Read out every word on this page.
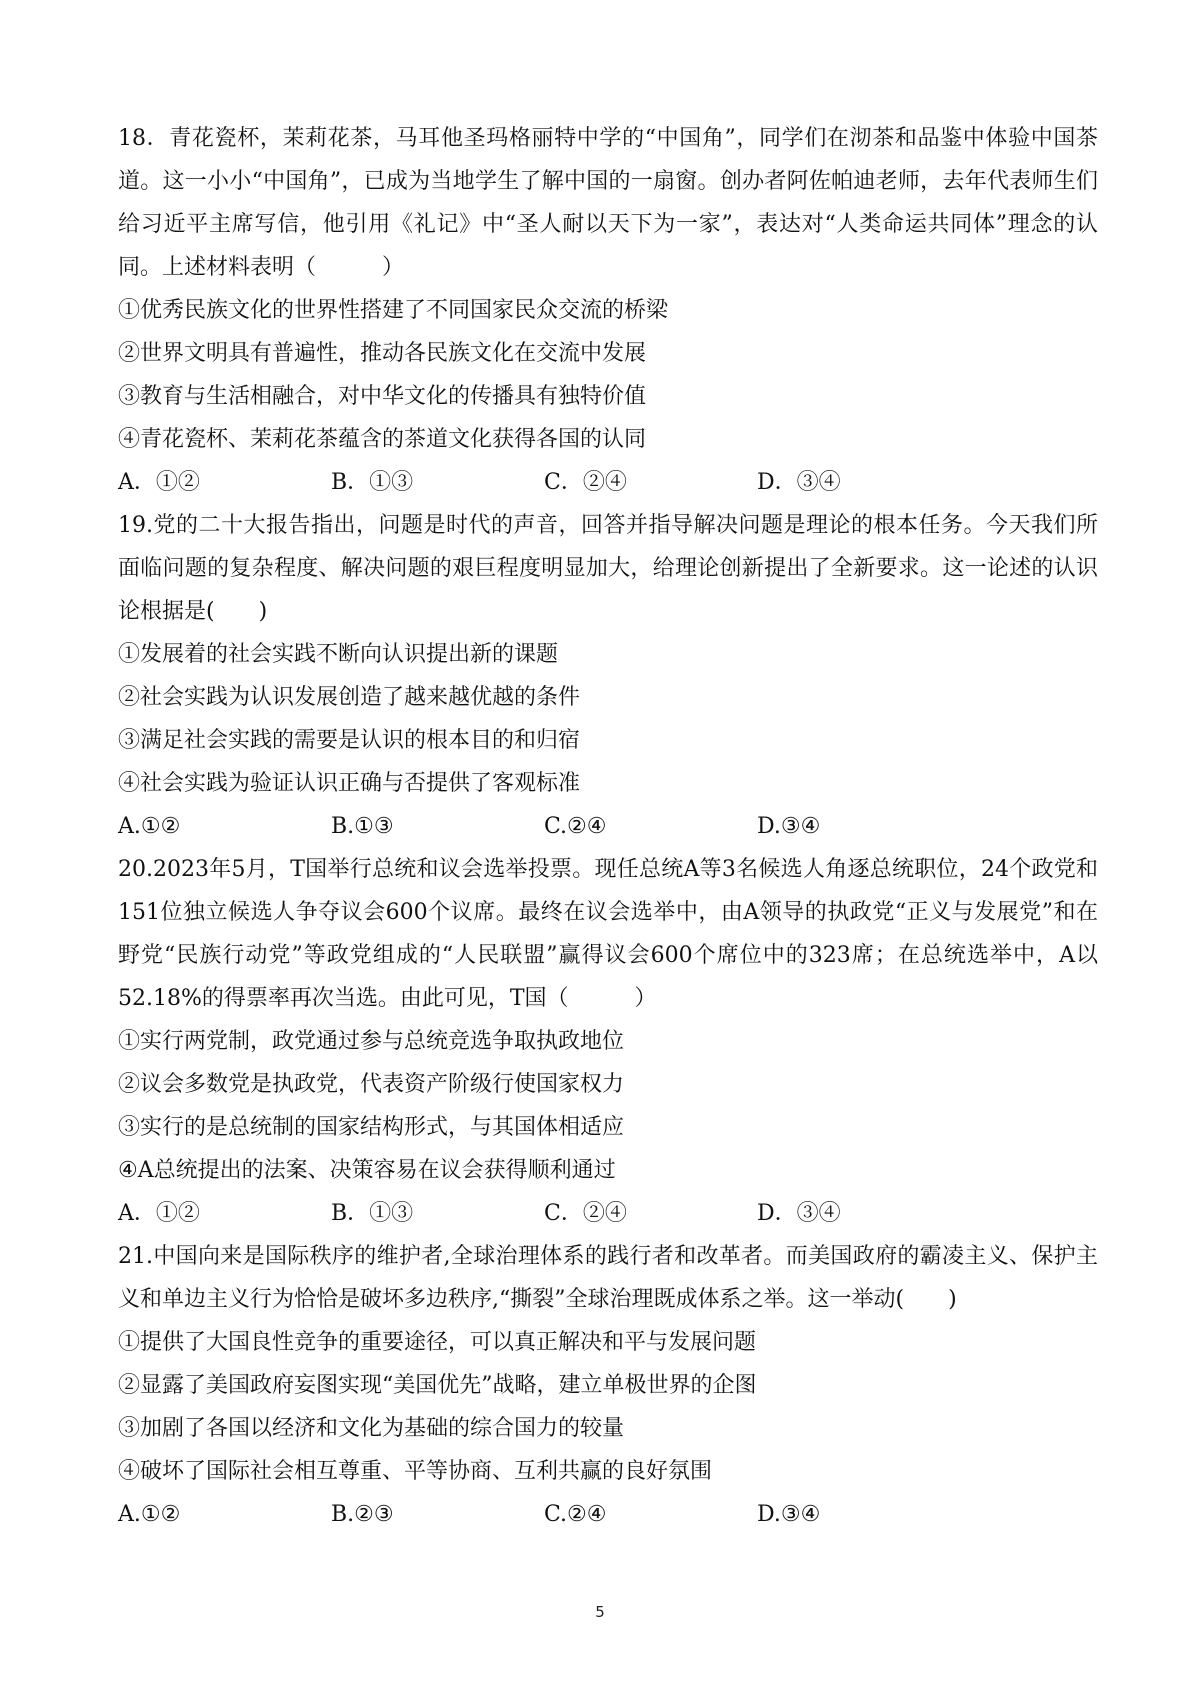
18．青花瓷杯，茉莉花茶，马耳他圣玛格丽特中学的“中国角”，同学们在沏茶和品鉴中体验中国茶道。这一小小“中国角”，已成为当地学生了解中国的一扇窗。创办者阿佐帕迪老师，去年代表师生们给习近平主席写信，他引用《礼记》中“圣人耐以天下为一家”，表达对“人类命运共同体”理念的认同。上述材料表明（　　　）

①优秀民族文化的世界性搭建了不同国家民众交流的桥梁

②世界文明具有普遍性，推动各民族文化在交流中发展

③教育与生活相融合，对中华文化的传播具有独特价值

④青花瓷杯、茉莉花茶蕴含的茶道文化获得各国的认同

A．①②	B．①③	C．②④	D．③④

19.党的二十大报告指出，问题是时代的声音，回答并指导解决问题是理论的根本任务。今天我们所面临问题的复杂程度、解决问题的艰巨程度明显加大，给理论创新提出了全新要求。这一论述的认识论根据是(　　)

①发展着的社会实践不断向认识提出新的课题

②社会实践为认识发展创造了越来越优越的条件

③满足社会实践的需要是认识的根本目的和归宿

④社会实践为验证认识正确与否提供了客观标准

A.①②	B.①③	C.②④	D.③④

20.2023年5月，T国举行总统和议会选举投票。现任总统A等3名候选人角逐总统职位，24个政党和151位独立候选人争夺议会600个议席。最终在议会选举中，由A领导的执政党“正义与发展党”和在野党“民族行动党”等政党组成的“人民联盟”赢得议会600个席位中的323席；在总统选举中，A以52.18%的得票率再次当选。由此可见，T国（　　　）

①实行两党制，政党通过参与总统竞选争取执政地位

②议会多数党是执政党，代表资产阶级行使国家权力

③实行的是总统制的国家结构形式，与其国体相适应

④A总统提出的法案、决策容易在议会获得顺利通过

A．①②	B．①③	C．②④	D．③④

21.中国向来是国际秩序的维护者,全球治理体系的践行者和改革者。而美国政府的霸凌主义、保护主义和单边主义行为恰恰是破坏多边秩序,“撕裂”全球治理既成体系之举。这一举动(　　)

①提供了大国良性竞争的重要途径，可以真正解决和平与发展问题

②显露了美国政府妄图实现“美国优先”战略，建立单极世界的企图

③加剧了各国以经济和文化为基础的综合国力的较量

④破坏了国际社会相互尊重、平等协商、互利共赢的良好氛围

A.①②	B.②③	C.②④	D.③④
5
